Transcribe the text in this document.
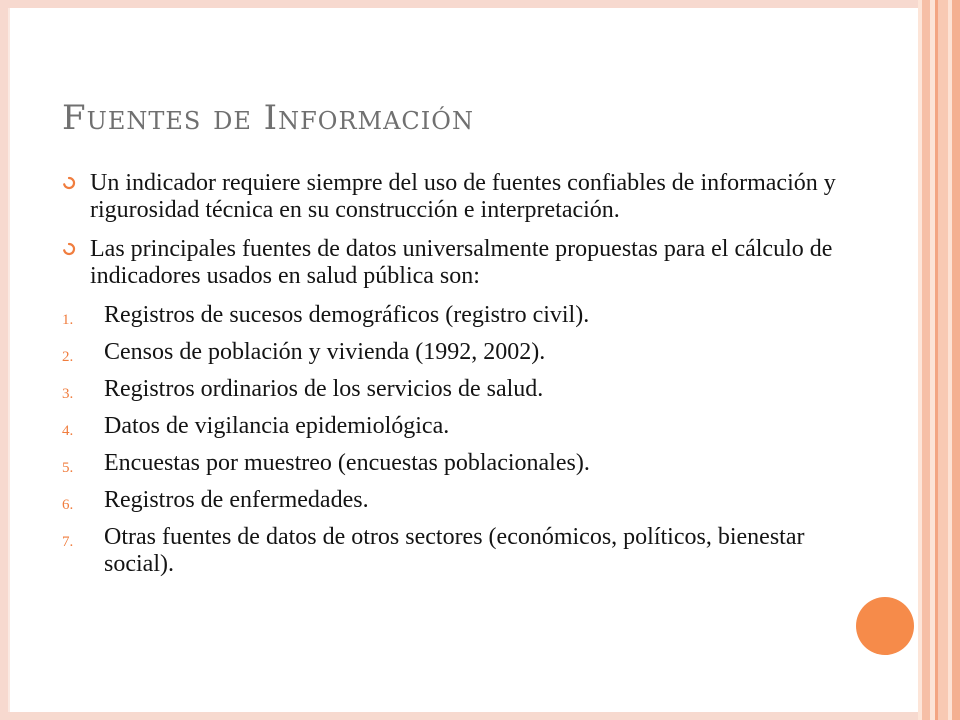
Fuentes de Información
Un indicador requiere siempre del uso de fuentes confiables de información y rigurosidad técnica en su construcción e interpretación.
Las principales fuentes de datos universalmente propuestas para el cálculo de indicadores usados en salud pública son:
1. Registros de sucesos demográficos (registro civil).
2. Censos de población y vivienda (1992, 2002).
3. Registros ordinarios de los servicios de salud.
4. Datos de vigilancia epidemiológica.
5. Encuestas por muestreo (encuestas poblacionales).
6. Registros de enfermedades.
7. Otras fuentes de datos de otros sectores (económicos, políticos, bienestar social).
